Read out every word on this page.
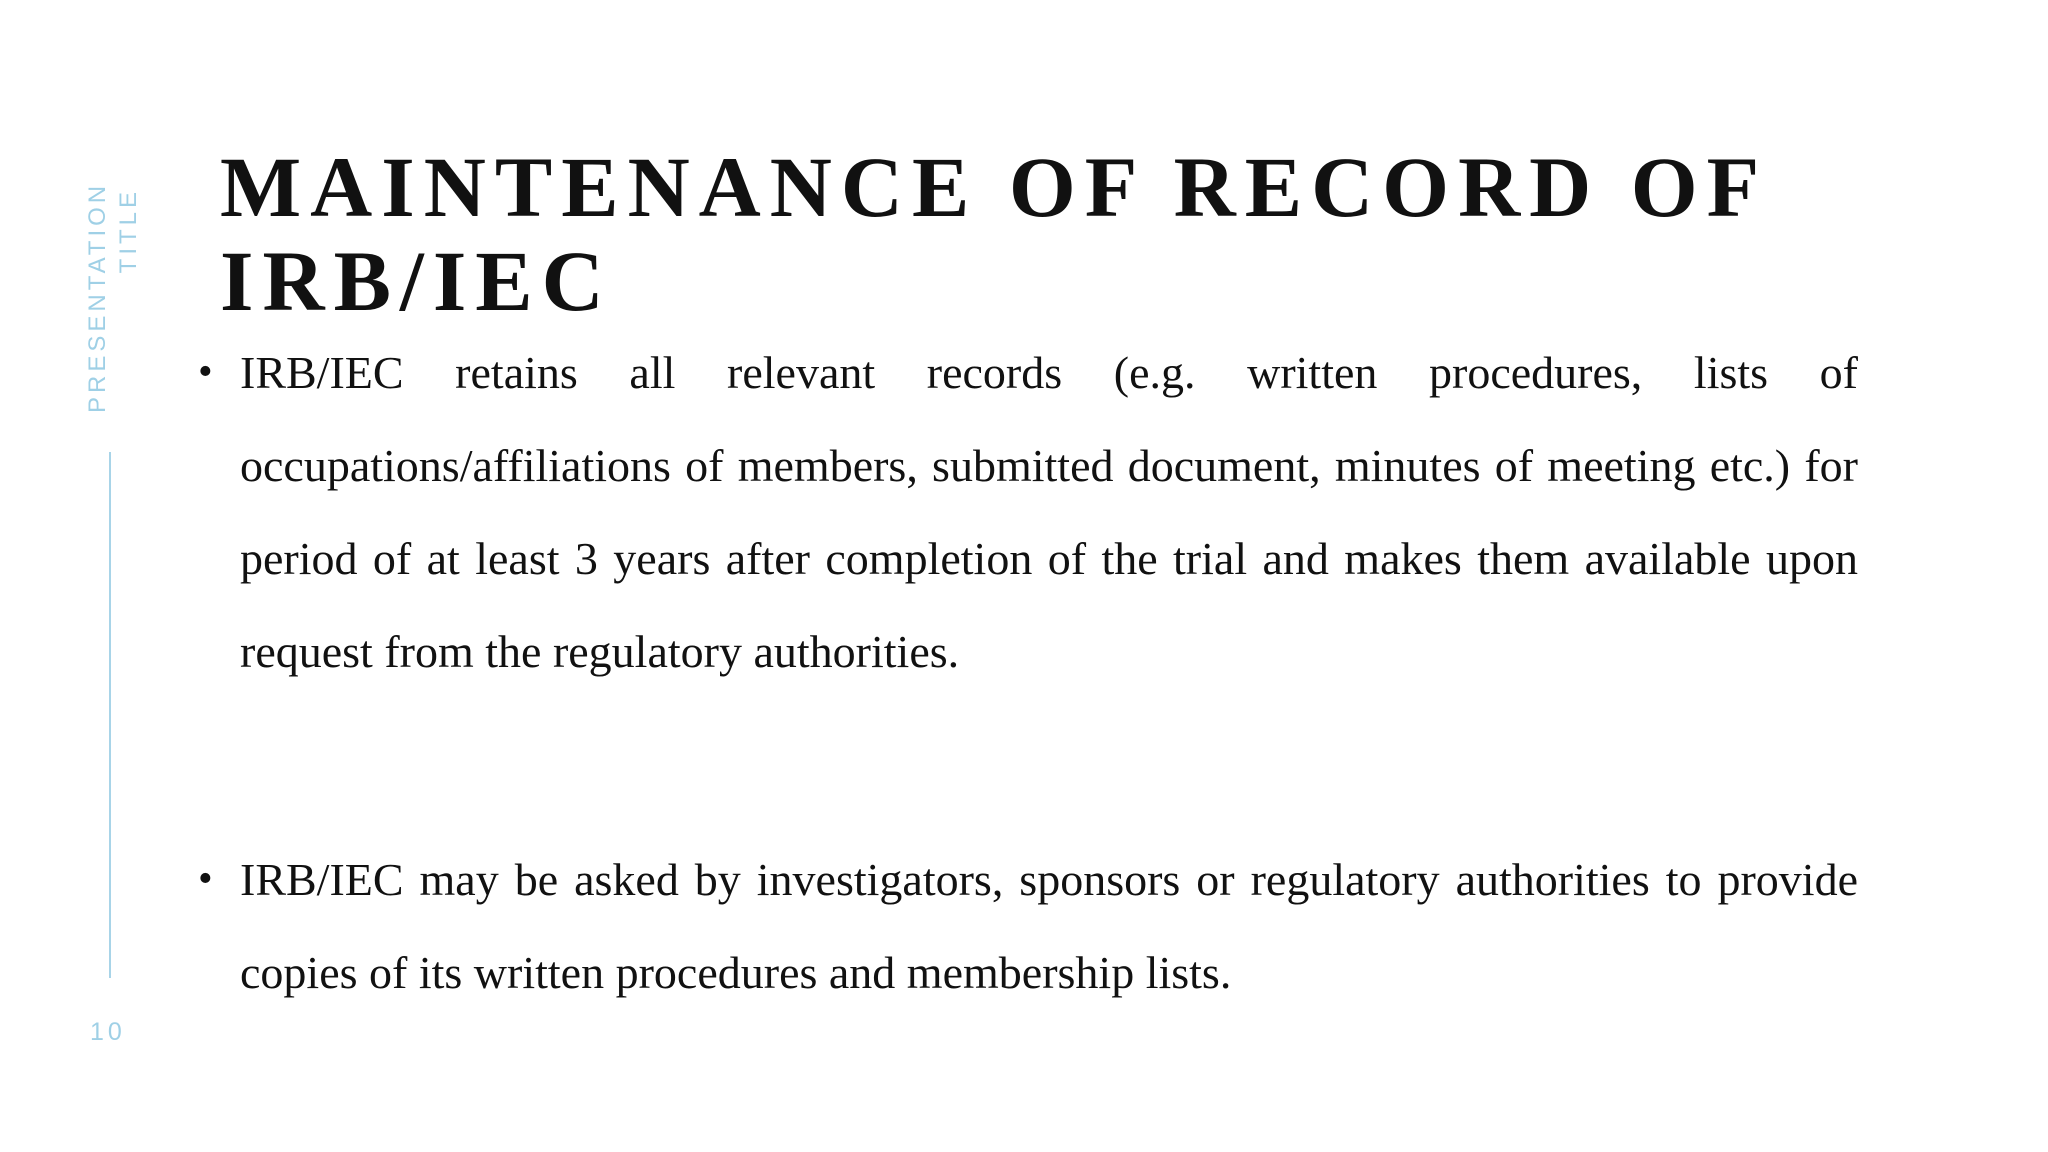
PRESENTATION TITLE
10
MAINTENANCE OF RECORD OF IRB/IEC
• IRB/IEC retains all relevant records (e.g. written procedures, lists of occupations/affiliations of members, submitted document, minutes of meeting etc.) for period of at least 3 years after completion of the trial and makes them available upon request from the regulatory authorities.
• IRB/IEC may be asked by investigators, sponsors or regulatory authorities to provide copies of its written procedures and membership lists.
